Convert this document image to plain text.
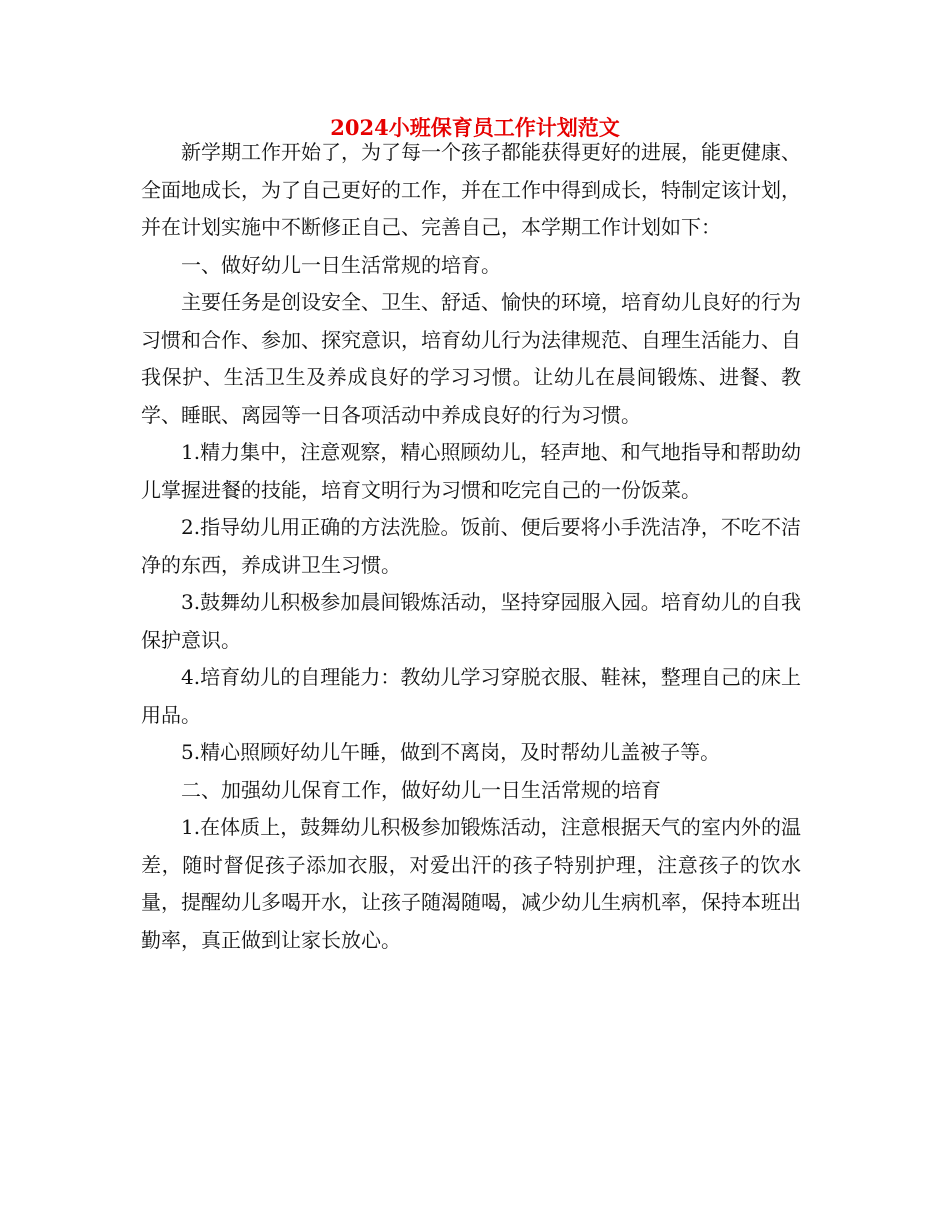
2024小班保育员工作计划范文

新学期工作开始了，为了每一个孩子都能获得更好的进展，能更健康、全面地成长，为了自己更好的工作，并在工作中得到成长，特制定该计划，并在计划实施中不断修正自己、完善自己，本学期工作计划如下：

一、做好幼儿一日生活常规的培育。

主要任务是创设安全、卫生、舒适、愉快的环境，培育幼儿良好的行为习惯和合作、参加、探究意识，培育幼儿行为法律规范、自理生活能力、自我保护、生活卫生及养成良好的学习习惯。让幼儿在晨间锻炼、进餐、教学、睡眠、离园等一日各项活动中养成良好的行为习惯。

1.精力集中，注意观察，精心照顾幼儿，轻声地、和气地指导和帮助幼儿掌握进餐的技能，培育文明行为习惯和吃完自己的一份饭菜。

2.指导幼儿用正确的方法洗脸。饭前、便后要将小手洗洁净，不吃不洁净的东西，养成讲卫生习惯。

3.鼓舞幼儿积极参加晨间锻炼活动，坚持穿园服入园。培育幼儿的自我保护意识。

4.培育幼儿的自理能力：教幼儿学习穿脱衣服、鞋袜，整理自己的床上用品。

5.精心照顾好幼儿午睡，做到不离岗，及时帮幼儿盖被子等。

二、加强幼儿保育工作，做好幼儿一日生活常规的培育

1.在体质上，鼓舞幼儿积极参加锻炼活动，注意根据天气的室内外的温差，随时督促孩子添加衣服，对爱出汗的孩子特别护理，注意孩子的饮水量，提醒幼儿多喝开水，让孩子随渴随喝，减少幼儿生病机率，保持本班出勤率，真正做到让家长放心。
